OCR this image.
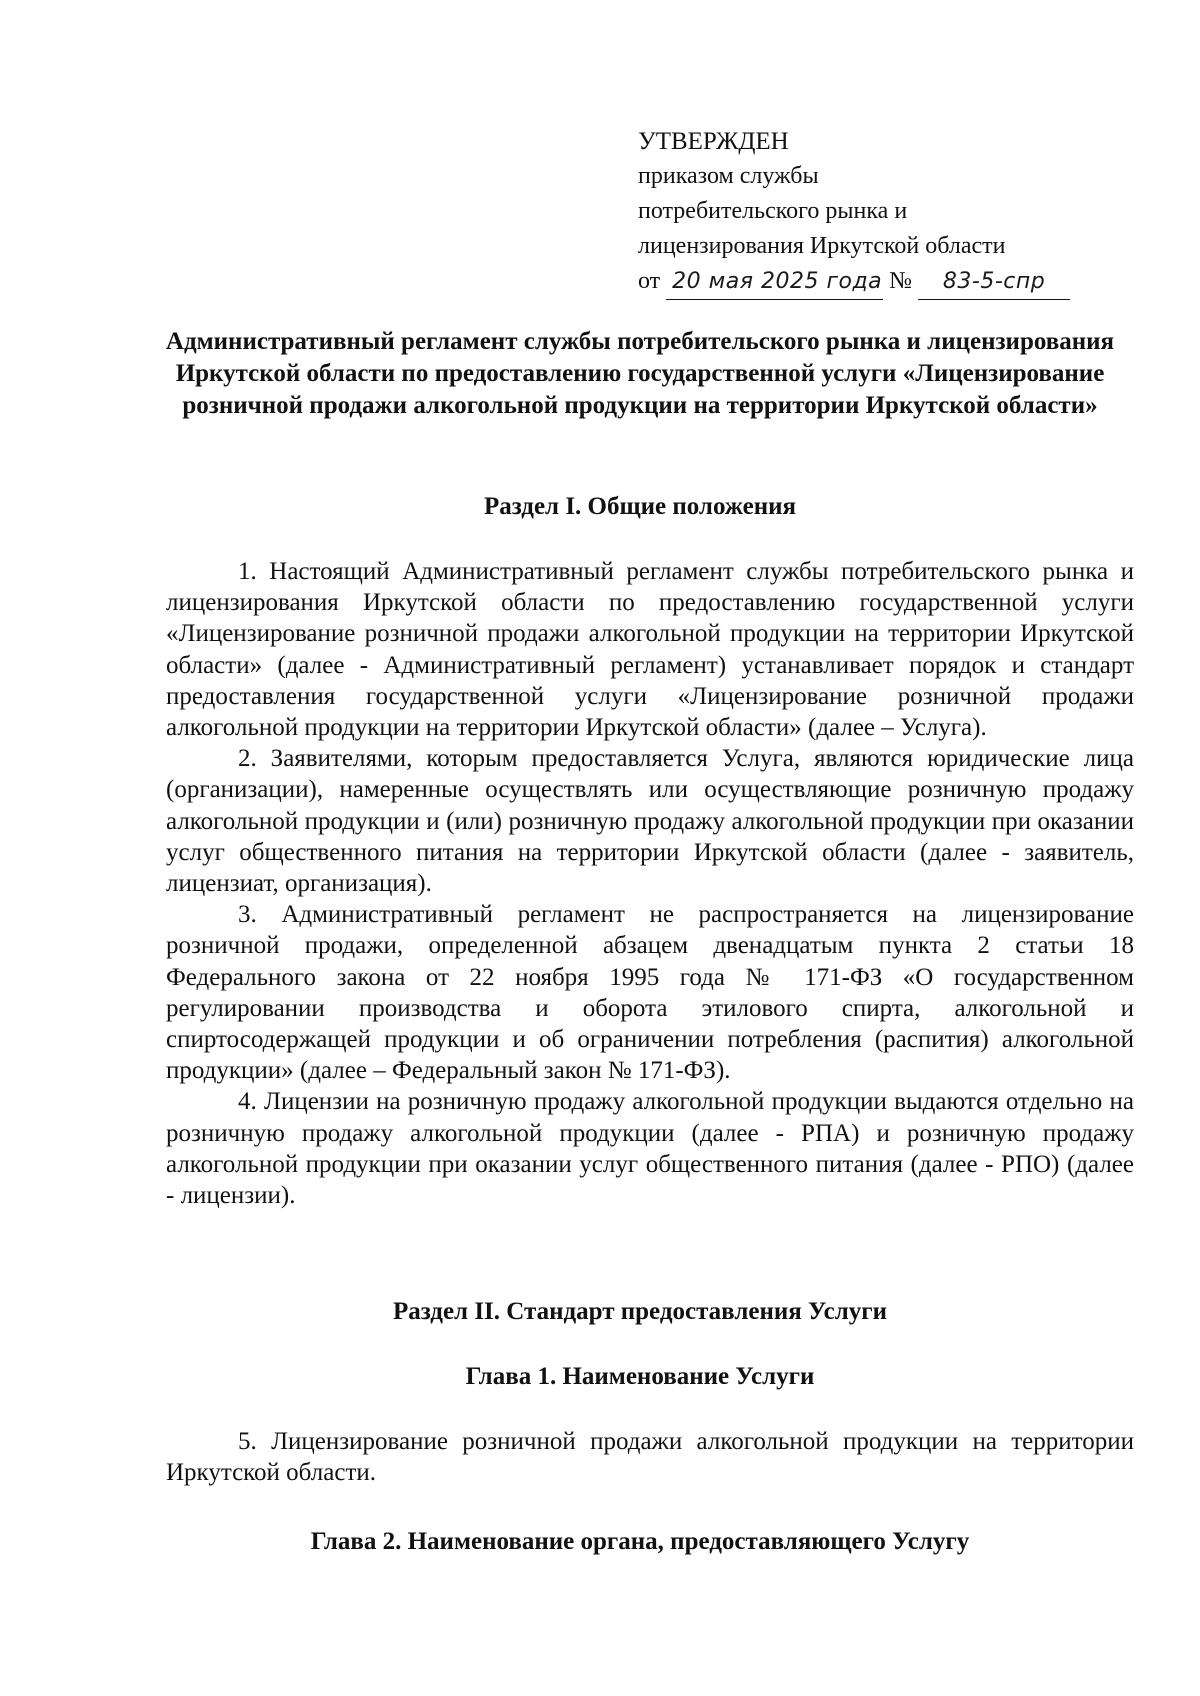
УТВЕРЖДЕН
приказом службы
потребительского рынка и
лицензирования Иркутской области
от 20 мая 2025 года № 83-5-спр
Административный регламент службы потребительского рынка и лицензирования Иркутской области по предоставлению государственной услуги «Лицензирование розничной продажи алкогольной продукции на территории Иркутской области»
Раздел I. Общие положения

1. Настоящий Административный регламент службы потребительского рынка и лицензирования Иркутской области по предоставлению государственной услуги «Лицензирование розничной продажи алкогольной продукции на территории Иркутской области» (далее - Административный регламент) устанавливает порядок и стандарт предоставления государственной услуги «Лицензирование розничной продажи алкогольной продукции на территории Иркутской области» (далее – Услуга).

2. Заявителями, которым предоставляется Услуга, являются юридические лица (организации), намеренные осуществлять или осуществляющие розничную продажу алкогольной продукции и (или) розничную продажу алкогольной продукции при оказании услуг общественного питания на территории Иркутской области (далее - заявитель, лицензиат, организация).

3. Административный регламент не распространяется на лицензирование розничной продажи, определенной абзацем двенадцатым пункта 2 статьи 18 Федерального закона от 22 ноября 1995 года № 171-ФЗ «О государственном регулировании производства и оборота этилового спирта, алкогольной и спиртосодержащей продукции и об ограничении потребления (распития) алкогольной продукции» (далее – Федеральный закон № 171-ФЗ).

4. Лицензии на розничную продажу алкогольной продукции выдаются отдельно на розничную продажу алкогольной продукции (далее - РПА) и розничную продажу алкогольной продукции при оказании услуг общественного питания (далее - РПО) (далее - лицензии).

Раздел II. Стандарт предоставления Услуги
Глава 1. Наименование Услуги

5. Лицензирование розничной продажи алкогольной продукции на территории Иркутской области.

Глава 2. Наименование органа, предоставляющего Услугу
